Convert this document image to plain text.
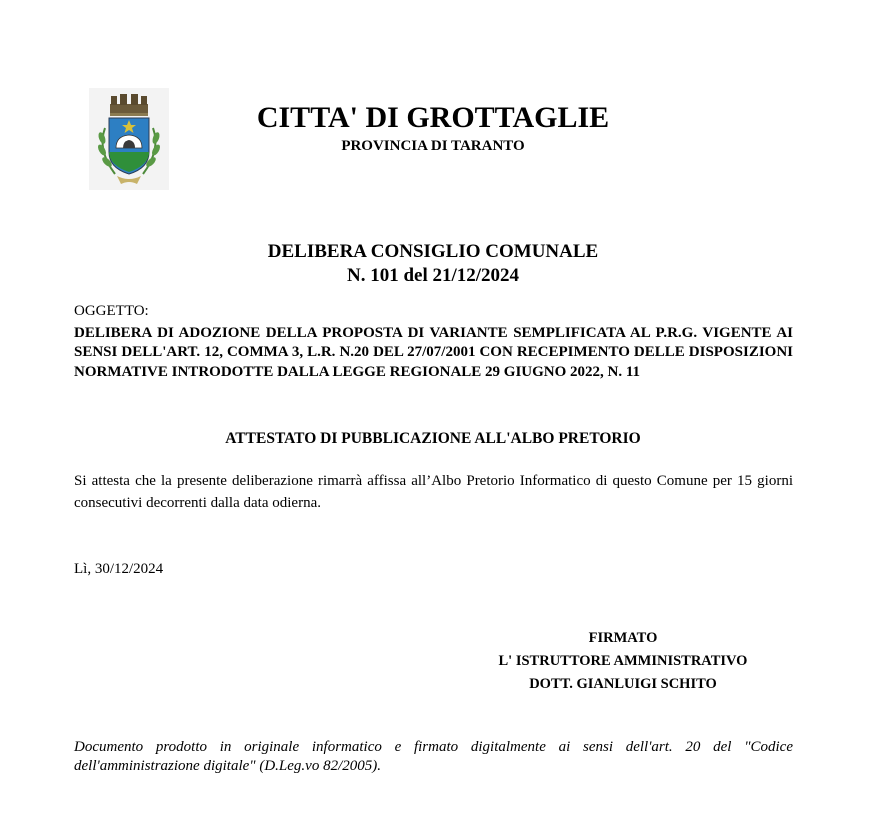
CITTA' DI GROTTAGLIE
PROVINCIA DI TARANTO
DELIBERA CONSIGLIO COMUNALE
N. 101 del 21/12/2024
OGGETTO:

DELIBERA DI ADOZIONE DELLA PROPOSTA DI VARIANTE SEMPLIFICATA AL P.R.G. VIGENTE AI SENSI DELL'ART. 12, COMMA 3, L.R. N.20 DEL 27/07/2001 CON RECEPIMENTO DELLE DISPOSIZIONI NORMATIVE INTRODOTTE DALLA LEGGE REGIONALE 29 GIUGNO 2022, N. 11

ATTESTATO DI PUBBLICAZIONE ALL'ALBO PRETORIO

Si attesta che la presente deliberazione rimarrà affissa all’Albo Pretorio Informatico di questo Comune per 15 giorni consecutivi decorrenti dalla data odierna.

Lì, 30/12/2024
FIRMATO
L' ISTRUTTORE AMMINISTRATIVO
DOTT. GIANLUIGI SCHITO

Documento prodotto in originale informatico e firmato digitalmente ai sensi dell'art. 20 del "Codice dell'amministrazione digitale" (D.Leg.vo 82/2005).
